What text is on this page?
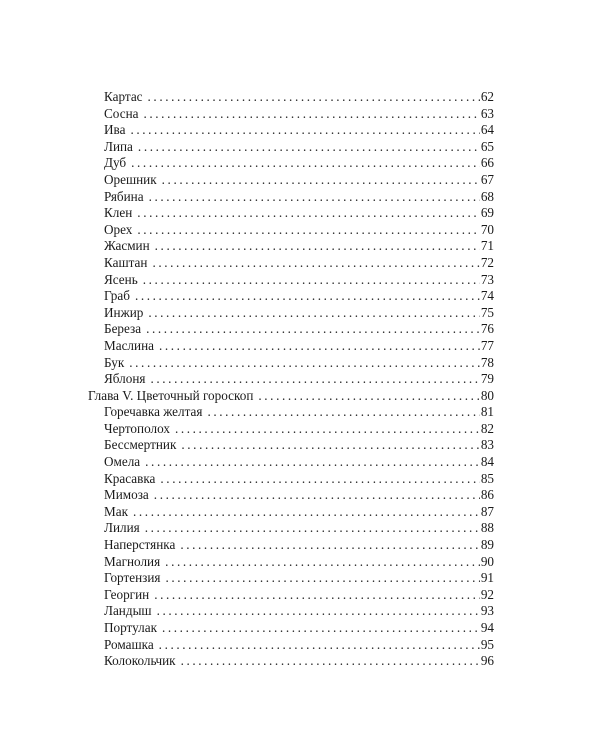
Картас .....	62
Сосна .....	63
Ива .....	64
Липа .....	65
Дуб .....	66
Орешник .....	67
Рябина .....	68
Клен .....	69
Орех .....	70
Жасмин .....	71
Каштан .....	72
Ясень .....	73
Граб .....	74
Инжир .....	75
Береза .....	76
Маслина .....	77
Бук .....	78
Яблоня .....	79
Глава V. Цветочный гороскоп .....	80
Горечавка желтая .....	81
Чертополох .....	82
Бессмертник .....	83
Омела .....	84
Красавка .....	85
Мимоза .....	86
Мак .....	87
Лилия .....	88
Наперстянка .....	89
Магнолия .....	90
Гортензия .....	91
Георгин .....	92
Ландыш .....	93
Портулак .....	94
Ромашка .....	95
Колокольчик .....	96
